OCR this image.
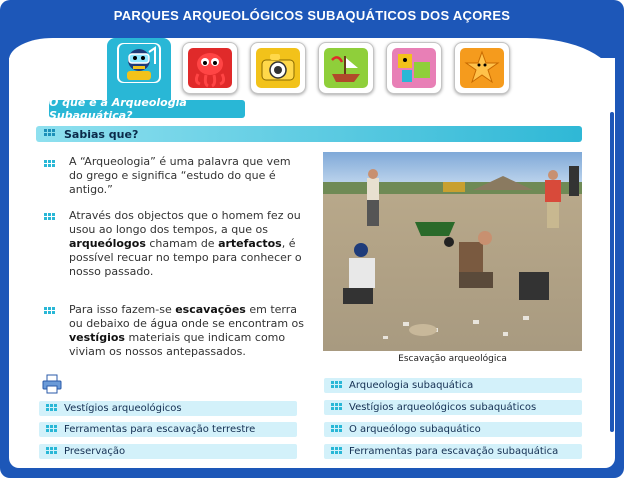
PARQUES ARQUEOLÓGICOS SUBAQUÁTICOS DOS AÇORES
O que é a Arqueologia Subaquática?
Sabias que?
A “Arqueologia” é uma palavra que vem do grego e significa “estudo do que é antigo.”
Através dos objectos que o homem fez ou usou ao longo dos tempos, a que os arqueólogos chamam de artefactos, é possível recuar no tempo para conhecer o nosso passado.
Para isso fazem-se escavações em terra ou debaixo de água onde se encontram os vestígios materiais que indicam como viviam os nossos antepassados.
Escavação arqueológica
Vestígios arqueológicos
Ferramentas para escavação terrestre
Preservação
Arqueologia subaquática
Vestígios arqueológicos subaquáticos
O arqueólogo subaquático
Ferramentas para escavação subaquática
